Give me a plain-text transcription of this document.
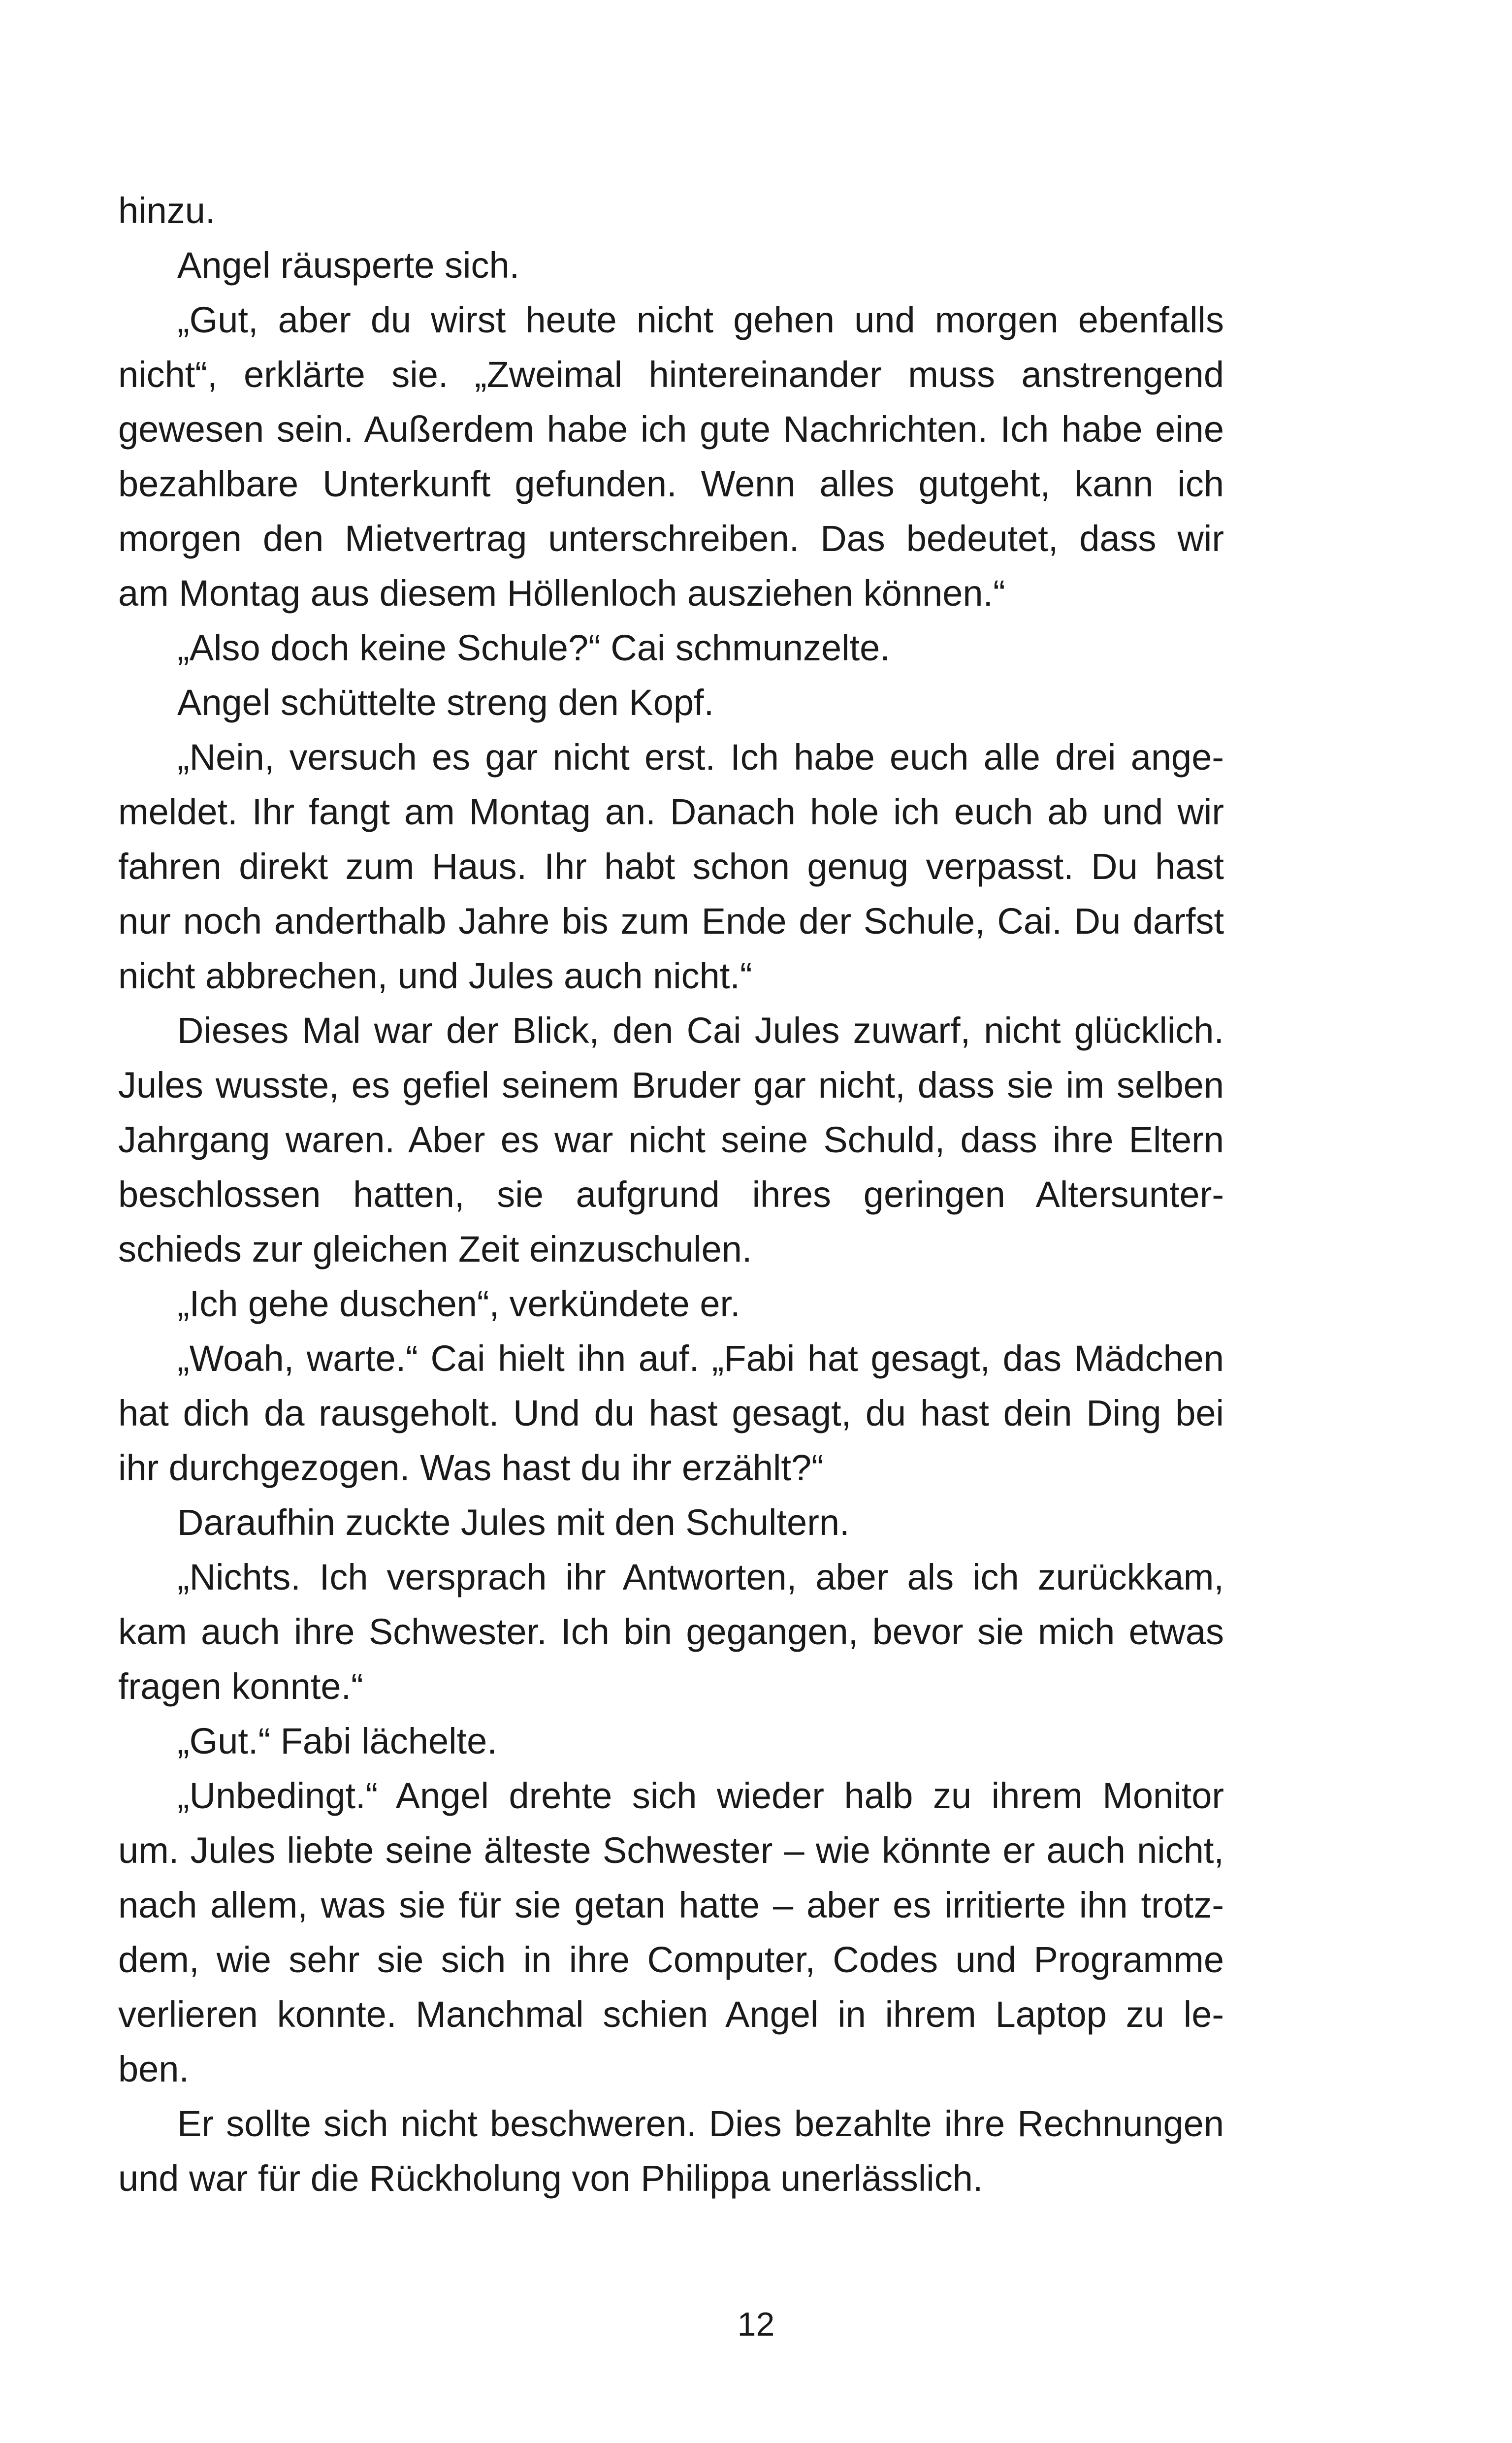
hinzu.
Angel räusperte sich.
„Gut, aber du wirst heute nicht gehen und morgen ebenfalls
nicht“, erklärte sie. „Zweimal hintereinander muss anstrengend
gewesen sein. Außerdem habe ich gute Nachrichten. Ich habe eine
bezahlbare Unterkunft gefunden. Wenn alles gutgeht, kann ich
morgen den Mietvertrag unterschreiben. Das bedeutet, dass wir
am Montag aus diesem Höllenloch ausziehen können.“
„Also doch keine Schule?“ Cai schmunzelte.
Angel schüttelte streng den Kopf.
„Nein, versuch es gar nicht erst. Ich habe euch alle drei ange-
meldet. Ihr fangt am Montag an. Danach hole ich euch ab und wir
fahren direkt zum Haus. Ihr habt schon genug verpasst. Du hast
nur noch anderthalb Jahre bis zum Ende der Schule, Cai. Du darfst
nicht abbrechen, und Jules auch nicht.“
Dieses Mal war der Blick, den Cai Jules zuwarf, nicht glücklich.
Jules wusste, es gefiel seinem Bruder gar nicht, dass sie im selben
Jahrgang waren. Aber es war nicht seine Schuld, dass ihre Eltern
beschlossen hatten, sie aufgrund ihres geringen Altersunter-
schieds zur gleichen Zeit einzuschulen.
„Ich gehe duschen“, verkündete er.
„Woah, warte.“ Cai hielt ihn auf. „Fabi hat gesagt, das Mädchen
hat dich da rausgeholt. Und du hast gesagt, du hast dein Ding bei
ihr durchgezogen. Was hast du ihr erzählt?“
Daraufhin zuckte Jules mit den Schultern.
„Nichts. Ich versprach ihr Antworten, aber als ich zurückkam,
kam auch ihre Schwester. Ich bin gegangen, bevor sie mich etwas
fragen konnte.“
„Gut.“ Fabi lächelte.
„Unbedingt.“ Angel drehte sich wieder halb zu ihrem Monitor
um. Jules liebte seine älteste Schwester – wie könnte er auch nicht,
nach allem, was sie für sie getan hatte – aber es irritierte ihn trotz-
dem, wie sehr sie sich in ihre Computer, Codes und Programme
verlieren konnte. Manchmal schien Angel in ihrem Laptop zu le-
ben.
Er sollte sich nicht beschweren. Dies bezahlte ihre Rechnungen
und war für die Rückholung von Philippa unerlässlich.
12
